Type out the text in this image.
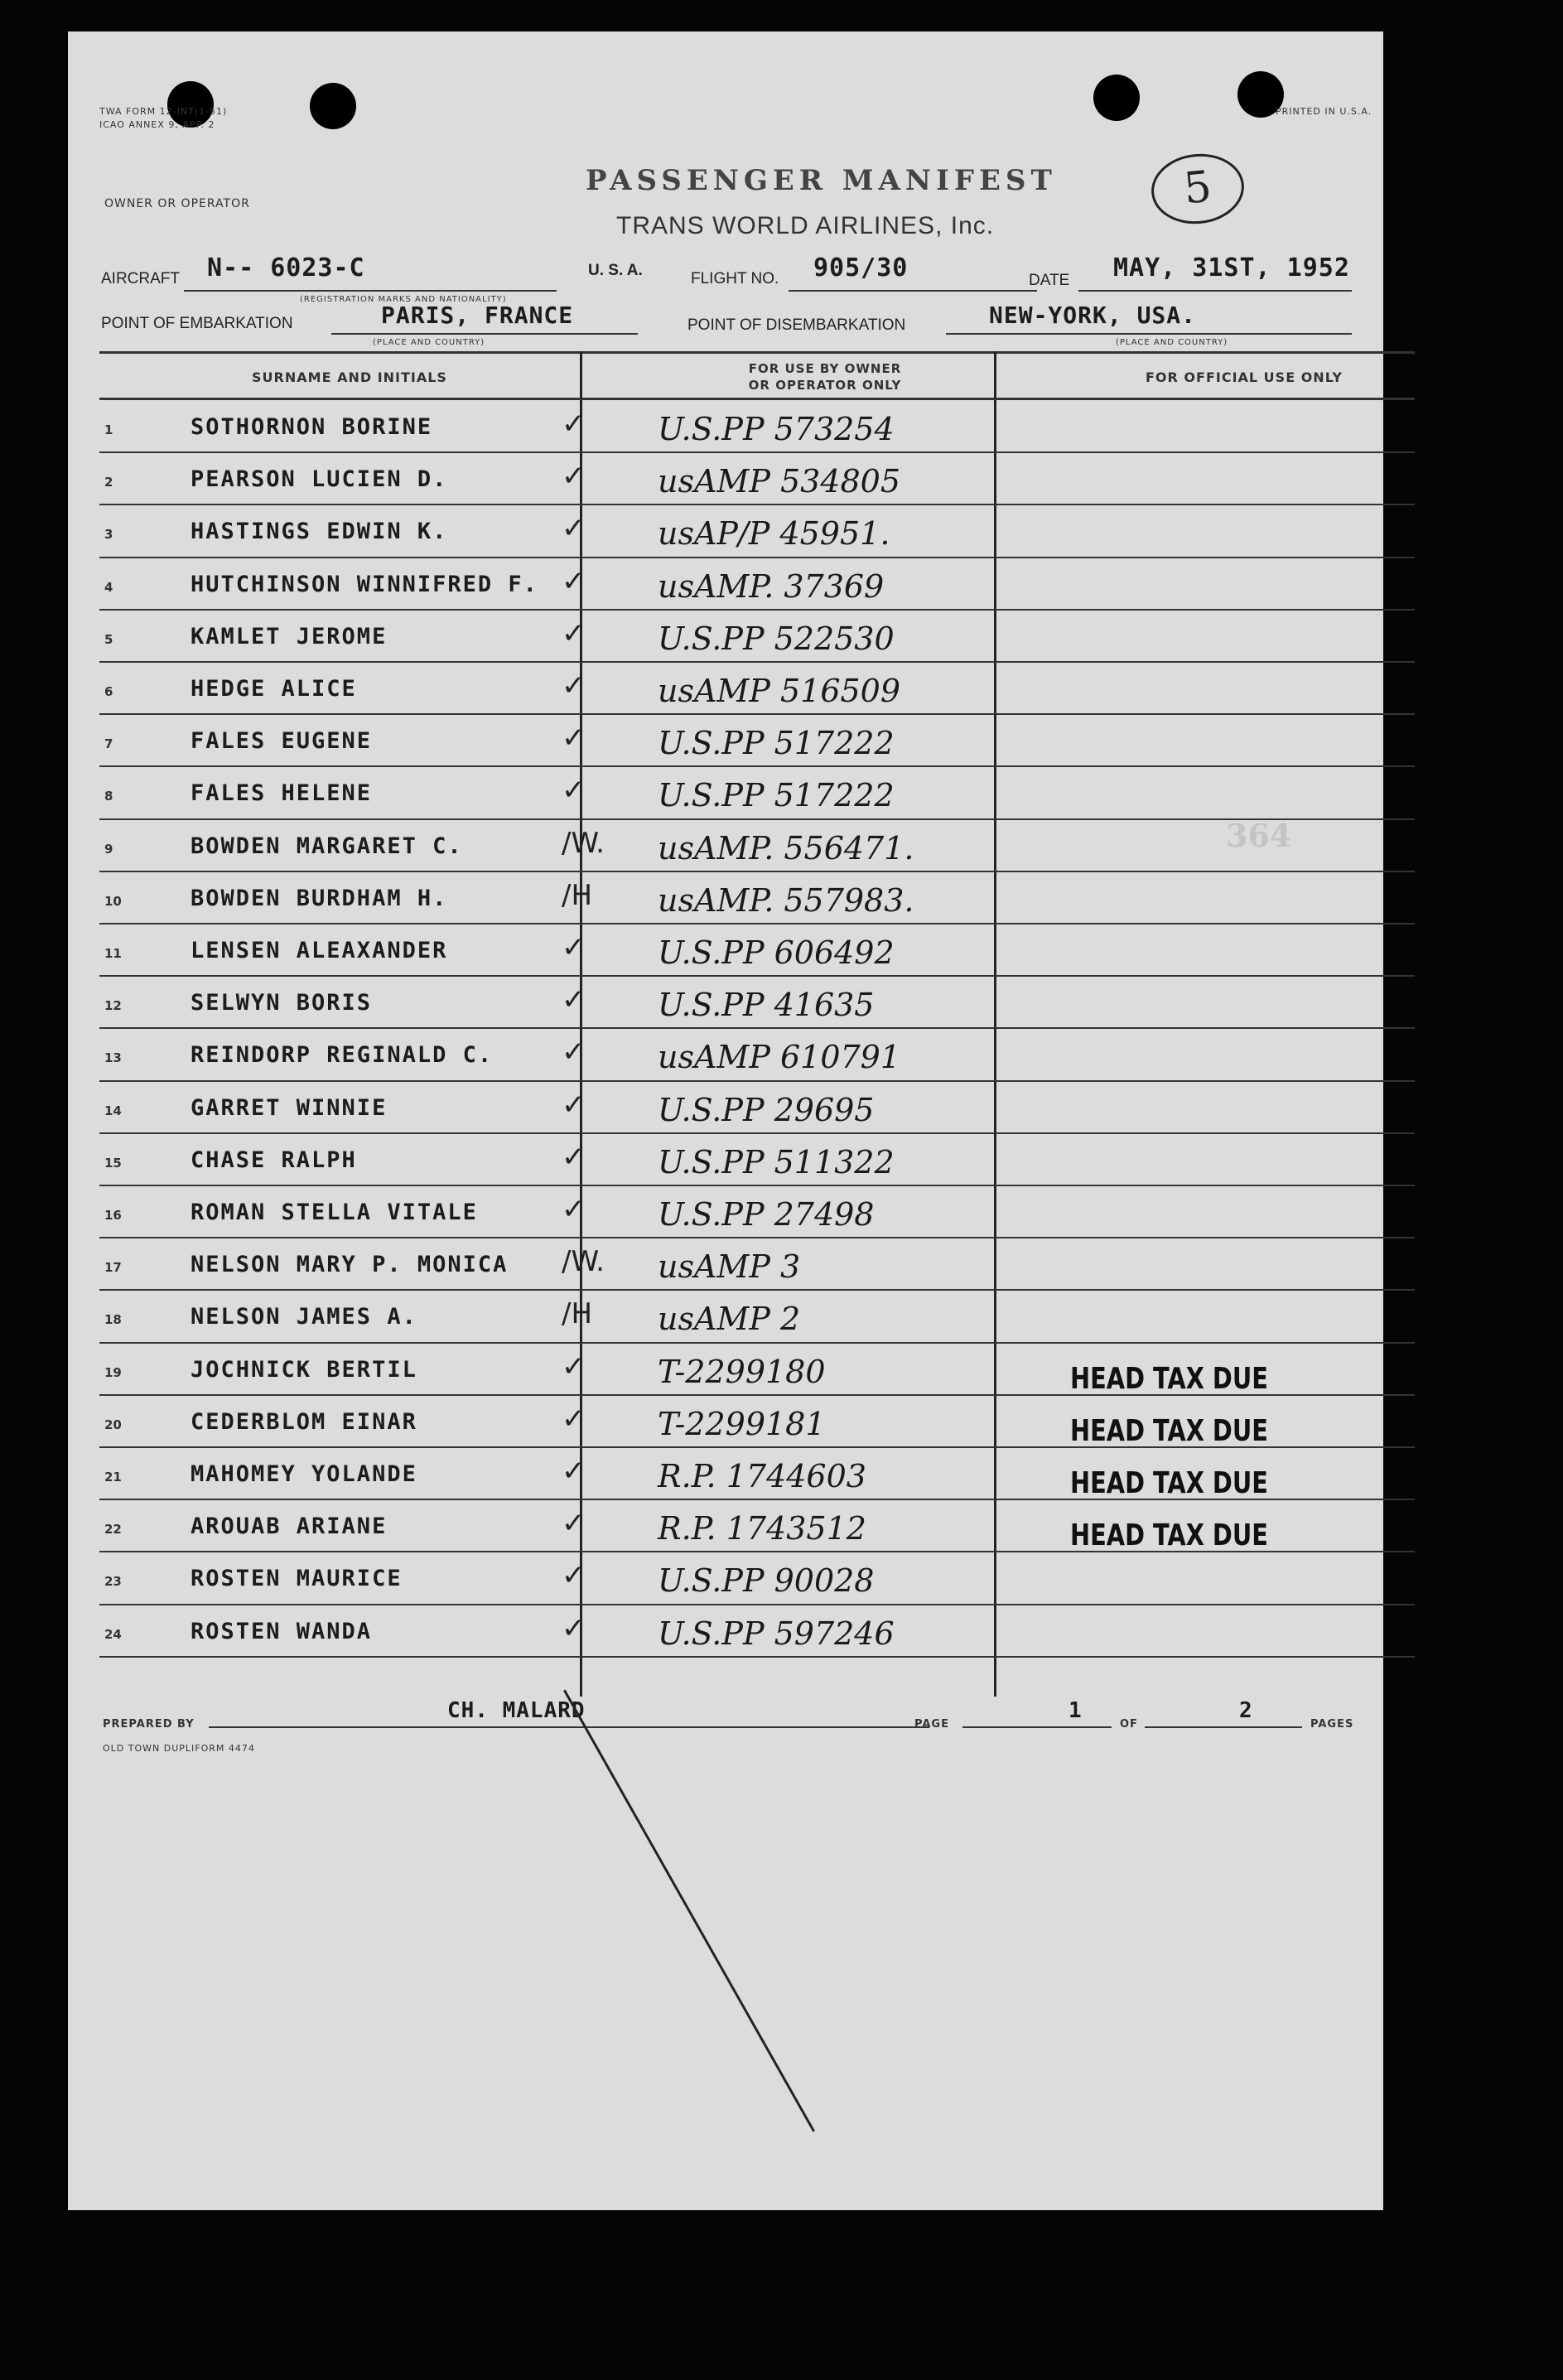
TWA FORM 12-INT(1-51)
ICAO ANNEX 9, APP. 2
OWNER OR OPERATOR
PRINTED IN U.S.A.
PASSENGER MANIFEST
TRANS WORLD AIRLINES, Inc.
5
AIRCRAFT N-- 6023-C	U. S. A.	FLIGHT NO. 905/30	DATE MAY, 31ST, 1952
(REGISTRATION MARKS AND NATIONALITY)
POINT OF EMBARKATION	PARIS, FRANCE	POINT OF DISEMBARKATION	NEW-YORK, USA.
(PLACE AND COUNTRY)	(PLACE AND COUNTRY)
SURNAME AND INITIALS
FOR USE BY OWNER
OR OPERATOR ONLY	FOR OFFICIAL USE ONLY
1	SOTHORNON BORINE	✓ U.S.PP 573254
2	PEARSON LUCIEN D.	✓ usAMP 534805
3	HASTINGS EDWIN K.	✓ usAP/P 45951.
4	HUTCHINSON WINNIFRED F. ✓ usAMP. 37369
5	KAMLET JEROME	✓ U.S.PP 522530
6	HEDGE ALICE	✓ usAMP 516509
7	FALES EUGENE	✓ U.S.PP 517222
8	FALES HELENE	✓ U.S.PP 517222
9	BOWDEN MARGARET C.	/W. usAMP. 556471.
10	BOWDEN BURDHAM H.	/H usAMP. 557983.
11	LENSEN ALEAXANDER	✓ U.S.PP 606492
12	SELWYN BORIS	✓ U.S.PP 41635
13	REINDORP REGINALD C. ✓ usAMP 610791
14	GARRET WINNIE	✓ U.S.PP 29695
15	CHASE RALPH	✓ U.S.PP 511322
16	ROMAN STELLA VITALE	✓ U.S.PP 27498
17	NELSON MARY P. MONICA /W. usAMP 3
18	NELSON JAMES A.	/H usAMP 2
19	JOCHNICK BERTIL	✓ T-2299180	HEAD TAX DUE
20	CEDERBLOM EINAR	✓ T-2299181	HEAD TAX DUE
21	MAHOMEY YOLANDE	✓ R.P. 1744603	HEAD TAX DUE
22	AROUAB ARIANE	✓ R.P. 1743512	HEAD TAX DUE
23	ROSTEN MAURICE	✓ U.S.PP 90028
24	ROSTEN WANDA	✓ U.S.PP 597246
364
PREPARED BY
CH. MALARD
OLD TOWN DUPLIFORM 4474
PAGE
1
OF
2
PAGES
